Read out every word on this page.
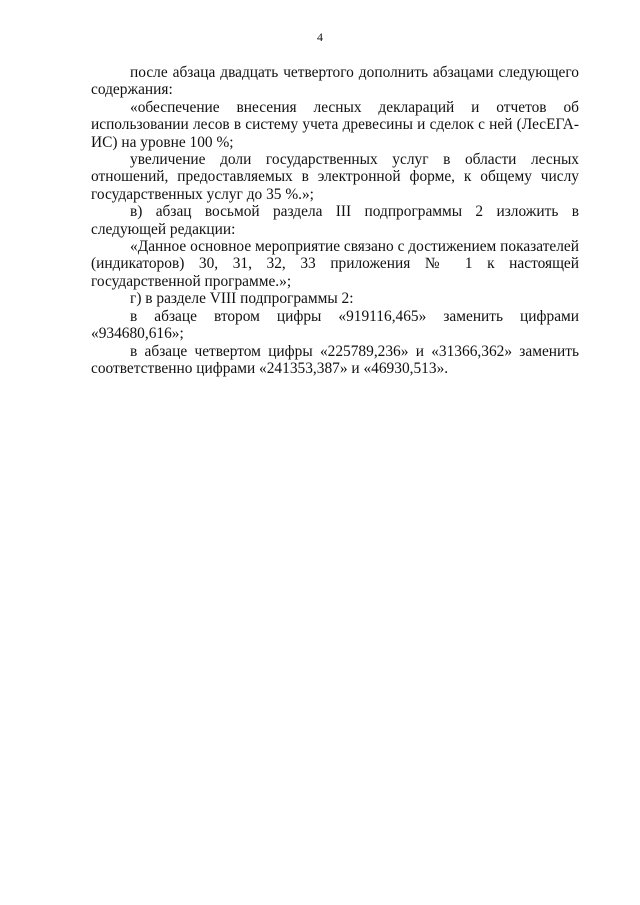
4

после абзаца двадцать четвертого дополнить абзацами следующего содержания:

«обеспечение внесения лесных деклараций и отчетов об использовании лесов в систему учета древесины и сделок с ней (ЛесЕГА-ИС) на уровне 100 %;

увеличение доли государственных услуг в области лесных отношений, предоставляемых в электронной форме, к общему числу государственных услуг до 35 %.»;

в) абзац восьмой раздела III подпрограммы 2 изложить в следующей редакции:

«Данное основное мероприятие связано с достижением показателей (индикаторов) 30, 31, 32, 33 приложения № 1 к настоящей государственной программе.»;

г) в разделе VIII подпрограммы 2:

в абзаце втором цифры «919116,465» заменить цифрами «934680,616»;

в абзаце четвертом цифры «225789,236» и «31366,362» заменить соответственно цифрами «241353,387» и «46930,513».
